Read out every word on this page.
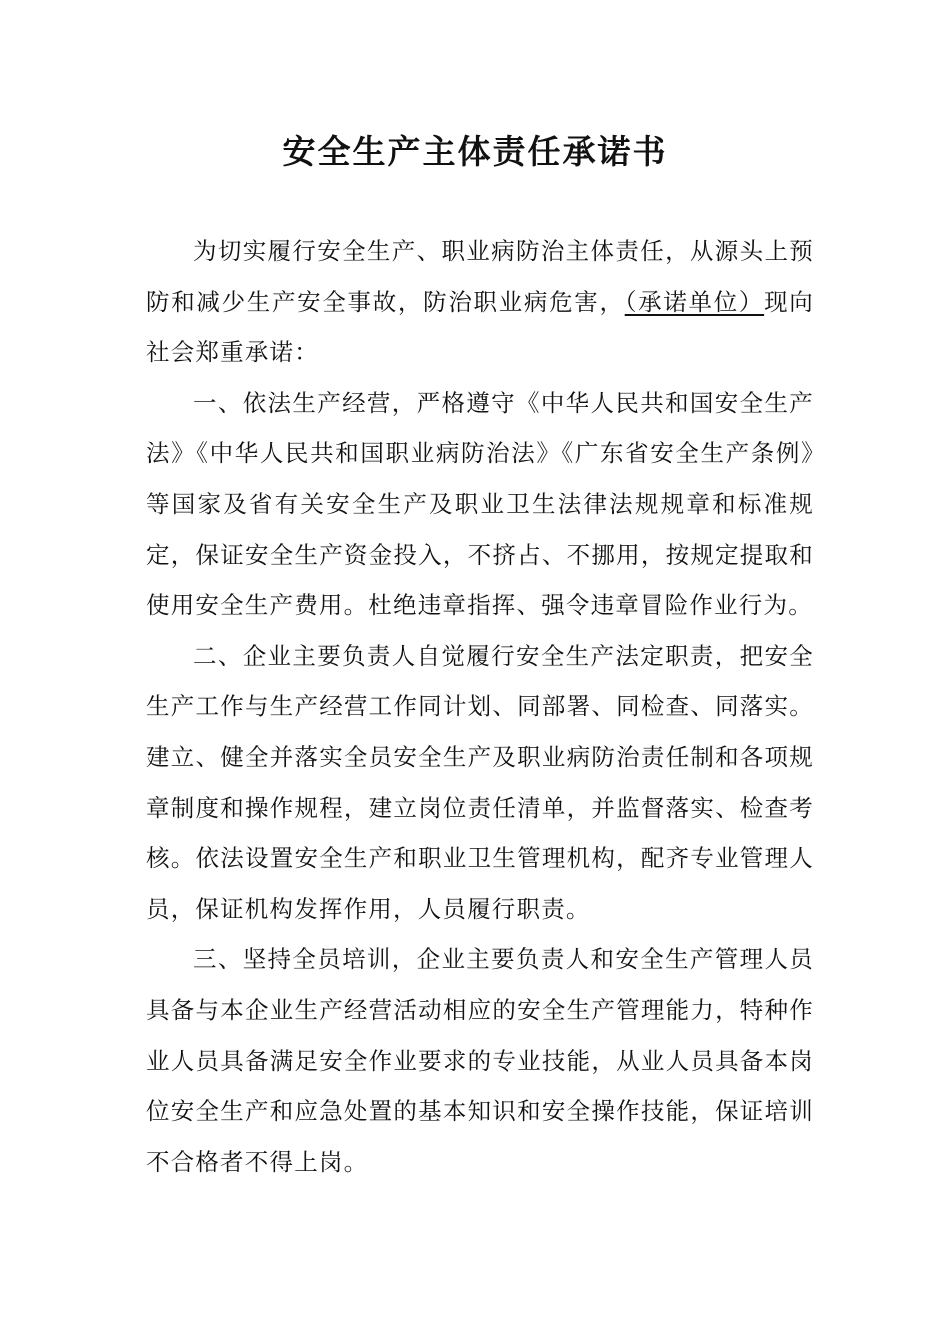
安全生产主体责任承诺书

为切实履行安全生产、职业病防治主体责任，从源头上预防和减少生产安全事故，防治职业病危害，（承诺单位）现向社会郑重承诺：

一、依法生产经营，严格遵守《中华人民共和国安全生产法》《中华人民共和国职业病防治法》《广东省安全生产条例》等国家及省有关安全生产及职业卫生法律法规规章和标准规定，保证安全生产资金投入，不挤占、不挪用，按规定提取和使用安全生产费用。杜绝违章指挥、强令违章冒险作业行为。

二、企业主要负责人自觉履行安全生产法定职责，把安全生产工作与生产经营工作同计划、同部署、同检查、同落实。建立、健全并落实全员安全生产及职业病防治责任制和各项规章制度和操作规程，建立岗位责任清单，并监督落实、检查考核。依法设置安全生产和职业卫生管理机构，配齐专业管理人员，保证机构发挥作用，人员履行职责。

三、坚持全员培训，企业主要负责人和安全生产管理人员具备与本企业生产经营活动相应的安全生产管理能力，特种作业人员具备满足安全作业要求的专业技能，从业人员具备本岗位安全生产和应急处置的基本知识和安全操作技能，保证培训不合格者不得上岗。
